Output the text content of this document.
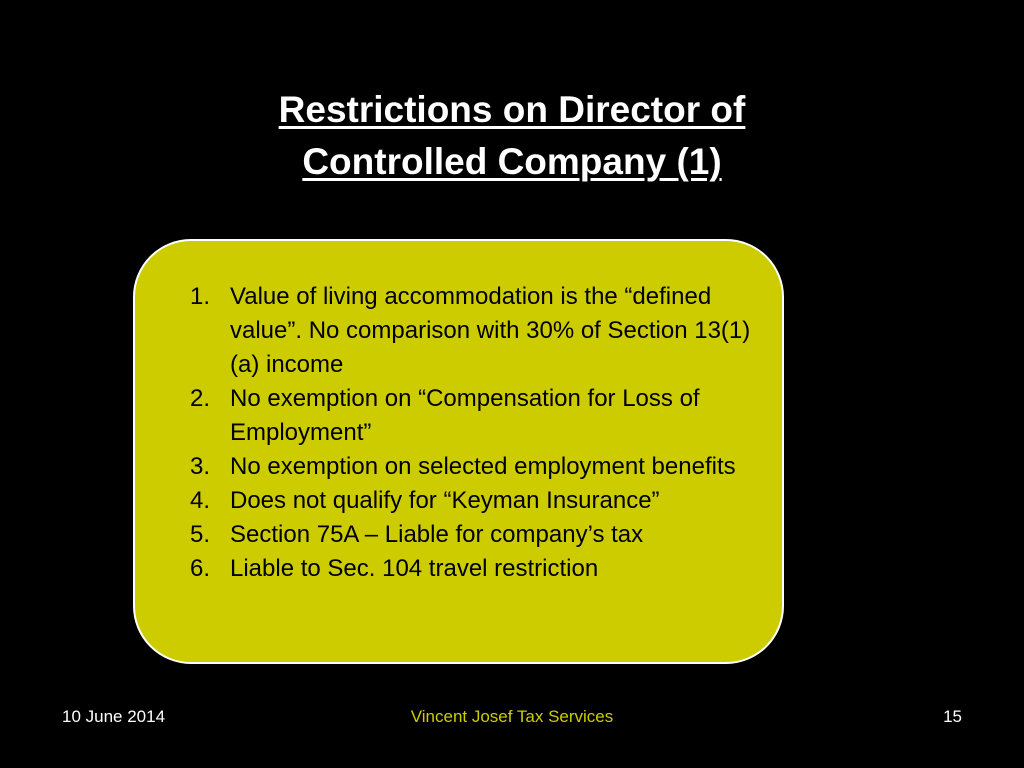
Restrictions on Director of
Controlled Company (1)
1. Value of living accommodation is the “defined value”. No comparison with 30% of Section 13(1)(a) income
2. No exemption on “Compensation for Loss of Employment”
3. No exemption on selected employment benefits
4. Does not qualify for “Keyman Insurance”
5. Section 75A – Liable for company’s tax
6. Liable to Sec. 104 travel restriction
10 June 2014	Vincent Josef Tax Services	15
